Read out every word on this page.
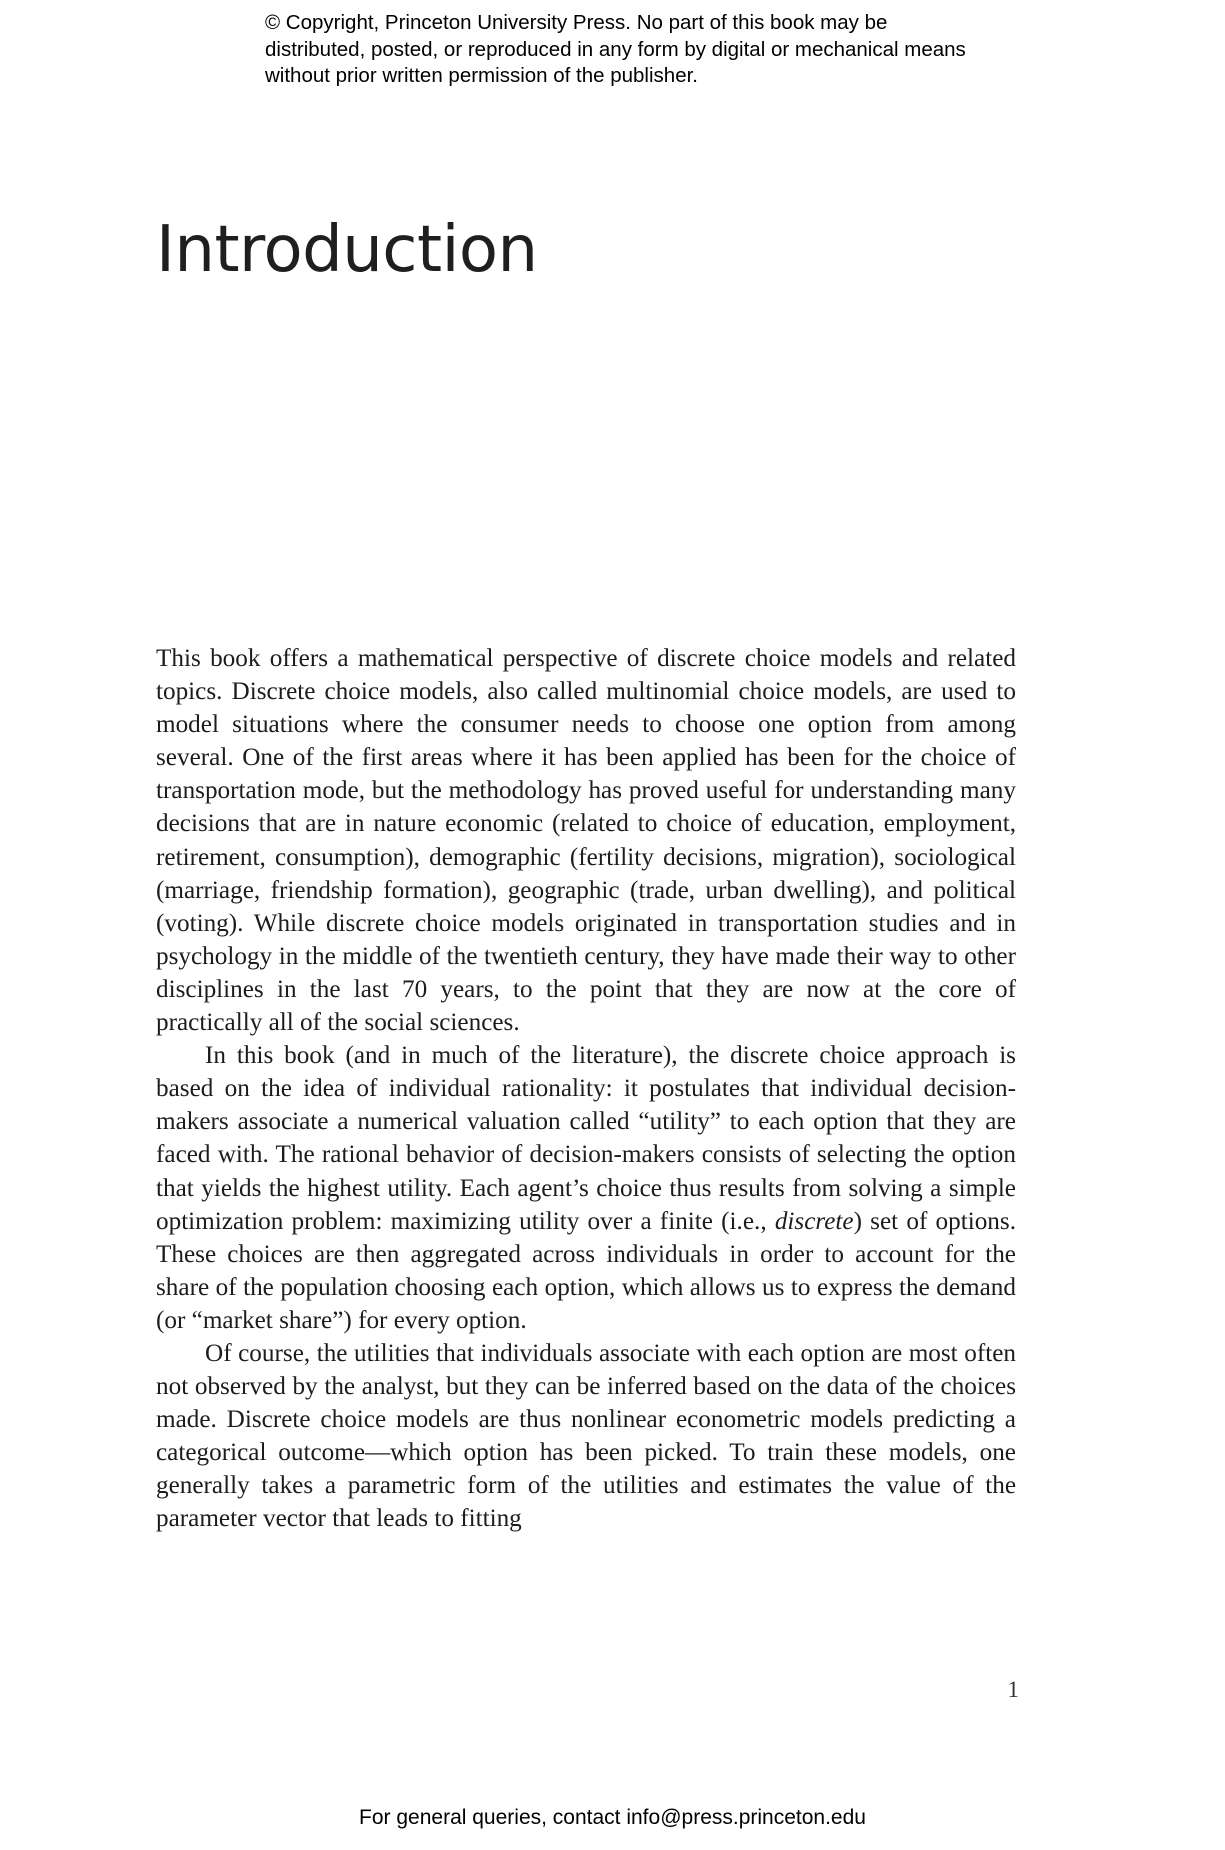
© Copyright, Princeton University Press. No part of this book may be distributed, posted, or reproduced in any form by digital or mechanical means without prior written permission of the publisher.
Introduction

This book offers a mathematical perspective of discrete choice models and related topics. Discrete choice models, also called multinomial choice models, are used to model situations where the consumer needs to choose one option from among several. One of the first areas where it has been applied has been for the choice of transportation mode, but the methodology has proved useful for understanding many decisions that are in nature economic (related to choice of education, employment, retirement, consumption), demographic (fertility decisions, migration), sociological (marriage, friendship formation), geographic (trade, urban dwelling), and political (voting). While discrete choice models originated in transportation studies and in psychology in the middle of the twentieth century, they have made their way to other disciplines in the last 70 years, to the point that they are now at the core of practically all of the social sciences.

In this book (and in much of the literature), the discrete choice approach is based on the idea of individual rationality: it postulates that individual decision-makers associate a numerical valuation called “utility” to each option that they are faced with. The rational behavior of decision-makers consists of selecting the option that yields the highest utility. Each agent’s choice thus results from solving a simple optimization problem: maximizing utility over a finite (i.e., discrete) set of options. These choices are then aggregated across individuals in order to account for the share of the population choosing each option, which allows us to express the demand (or “market share”) for every option.

Of course, the utilities that individuals associate with each option are most often not observed by the analyst, but they can be inferred based on the data of the choices made. Discrete choice models are thus nonlinear econometric models predicting a categorical outcome—which option has been picked. To train these models, one generally takes a parametric form of the utilities and estimates the value of the parameter vector that leads to fitting

1
For general queries, contact info@press.princeton.edu
